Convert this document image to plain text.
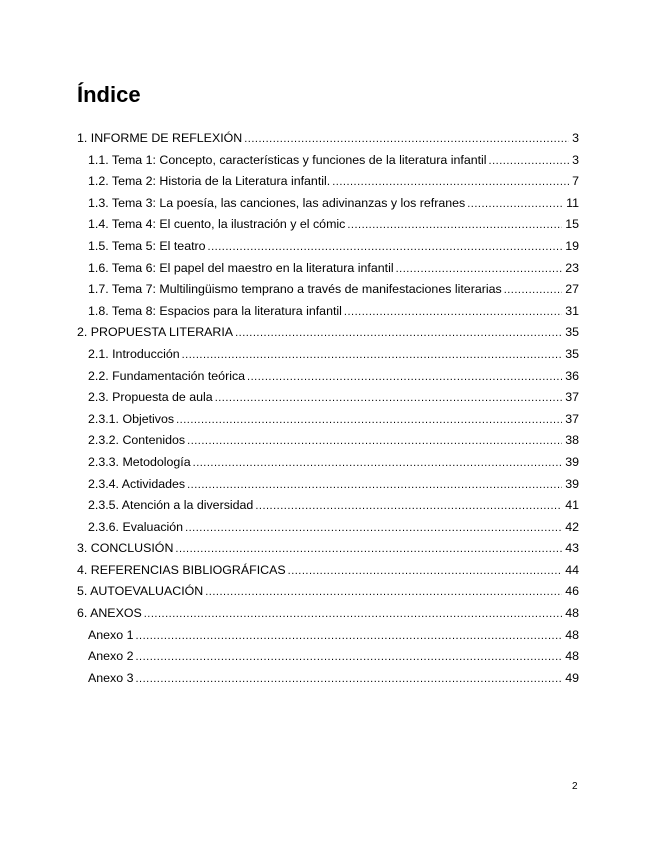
Índice
1. INFORME DE REFLEXIÓN .....	3
1.1. Tema 1: Concepto, características y funciones de la literatura infantil .....	3
1.2. Tema 2: Historia de la Literatura infantil. .....	7
1.3. Tema 3: La poesía, las canciones, las adivinanzas y los refranes .....	11
1.4. Tema 4: El cuento, la ilustración y el cómic .....	15
1.5. Tema 5: El teatro .....	19
1.6. Tema 6: El papel del maestro en la literatura infantil .....	23
1.7. Tema 7: Multilingüismo temprano a través de manifestaciones literarias .....	27
1.8. Tema 8: Espacios para la literatura infantil .....	31
2. PROPUESTA LITERARIA .....	35
2.1. Introducción .....	35
2.2. Fundamentación teórica .....	36
2.3. Propuesta de aula .....	37
2.3.1. Objetivos .....	37
2.3.2. Contenidos .....	38
2.3.3. Metodología .....	39
2.3.4. Actividades .....	39
2.3.5. Atención a la diversidad .....	41
2.3.6. Evaluación .....	42
3. CONCLUSIÓN .....	43
4. REFERENCIAS BIBLIOGRÁFICAS .....	44
5. AUTOEVALUACIÓN .....	46
6. ANEXOS .....	48
Anexo 1 .....	48
Anexo 2 .....	48
Anexo 3 .....	49
2
